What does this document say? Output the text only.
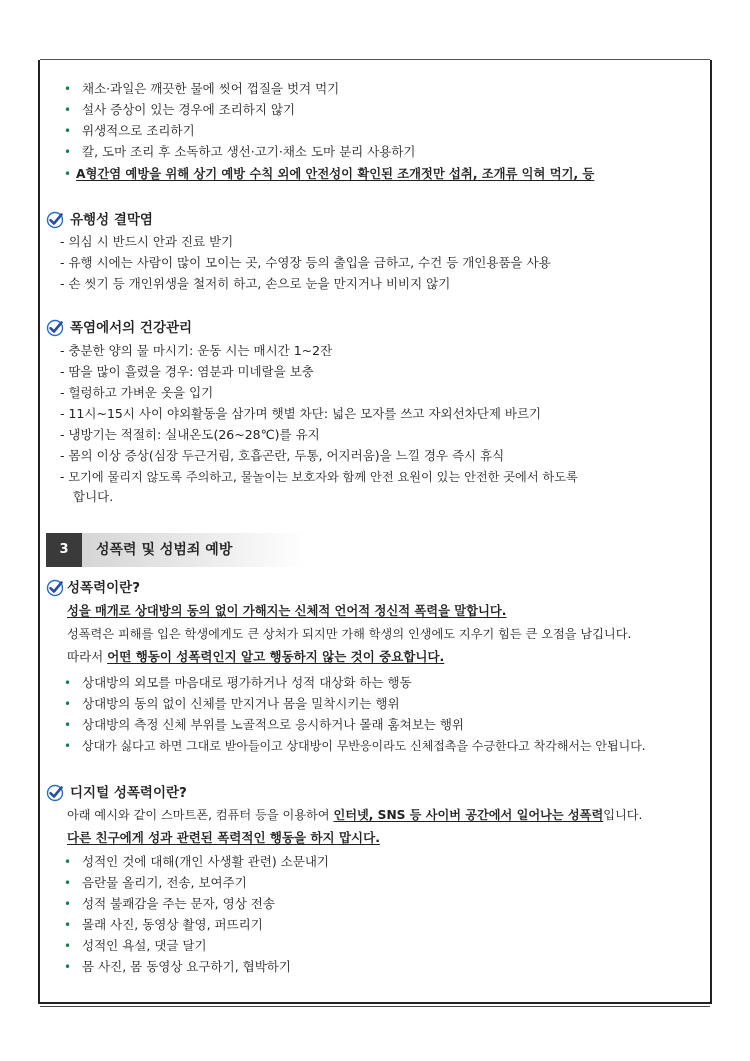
• 채소·과일은 깨끗한 물에 씻어 껍질을 벗겨 먹기
• 설사 증상이 있는 경우에 조리하지 않기
• 위생적으로 조리하기
• 칼, 도마 조리 후 소독하고 생선·고기·채소 도마 분리 사용하기
• A형간염 예방을 위해 상기 예방 수칙 외에 안전성이 확인된 조개젓만 섭취, 조개류 익혀 먹기, 등
유행성 결막염
- 의심 시 반드시 안과 진료 받기
- 유행 시에는 사람이 많이 모이는 곳, 수영장 등의 출입을 금하고, 수건 등 개인용품을 사용
- 손 씻기 등 개인위생을 철저히 하고, 손으로 눈을 만지거나 비비지 않기
폭염에서의 건강관리
- 충분한 양의 물 마시기: 운동 시는 매시간 1~2잔
- 땀을 많이 흘렸을 경우: 염분과 미네랄을 보충
- 헐렁하고 가벼운 옷을 입기
- 11시~15시 사이 야외활동을 삼가며 햇볕 차단: 넓은 모자를 쓰고 자외선차단제 바르기
- 냉방기는 적절히: 실내온도(26~28℃)를 유지
- 몸의 이상 증상(심장 두근거림, 호흡곤란, 두통, 어지러움)을 느낄 경우 즉시 휴식
- 모기에 물리지 않도록 주의하고, 물놀이는 보호자와 함께 안전 요원이 있는 안전한 곳에서 하도록
합니다.
3	성폭력 및 성범죄 예방
성폭력이란?
성을 매개로 상대방의 동의 없이 가해지는 신체적 언어적 정신적 폭력을 말합니다.
성폭력은 피해를 입은 학생에게도 큰 상처가 되지만 가해 학생의 인생에도 지우기 힘든 큰 오점을 남깁니다.
따라서 어떤 행동이 성폭력인지 알고 행동하지 않는 것이 중요합니다.
• 상대방의 외모를 마음대로 평가하거나 성적 대상화 하는 행동
• 상대방의 동의 없이 신체를 만지거나 몸을 밀착시키는 행위
• 상대방의 측정 신체 부위를 노골적으로 응시하거나 몰래 훔쳐보는 행위
• 상대가 싫다고 하면 그대로 받아들이고 상대방이 무반응이라도 신체접촉을 수긍한다고 착각해서는 안됩니다.
디지털 성폭력이란?
아래 예시와 같이 스마트폰, 컴퓨터 등을 이용하여 인터넷, SNS 등 사이버 공간에서 일어나는 성폭력입니다.
다른 친구에게 성과 관련된 폭력적인 행동을 하지 맙시다.
• 성적인 것에 대해(개인 사생활 관련) 소문내기
• 음란물 올리기, 전송, 보여주기
• 성적 불쾌감을 주는 문자, 영상 전송
• 몰래 사진, 동영상 촬영, 퍼뜨리기
• 성적인 욕설, 댓글 달기
• 몸 사진, 몸 동영상 요구하기, 협박하기
